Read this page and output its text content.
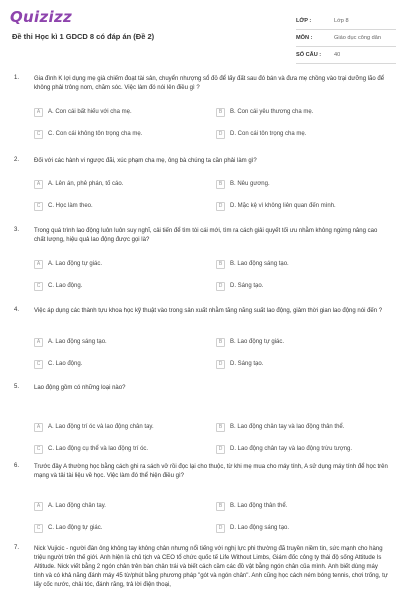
Quizizz
Đề thi Học kì 1 GDCD 8 có đáp án (Đề 2)
LỚP :	Lớp 8
MÔN :	Giáo dục công dân
SỐ CÂU :	40
1. Gia đình K lợi dụng mẹ già chiếm đoạt tài sản, chuyển nhượng sổ đỏ để lấy đất sau đó bán và đưa mẹ chồng vào trại dưỡng lão để không phải trông nom, chăm sóc. Việc làm đó nói lên điều gì ?
A	A. Con cái bất hiếu với cha mẹ.	B	B. Con cái yêu thương cha mẹ.
C	C. Con cái không tôn trọng cha mẹ.	D	D. Con cái tôn trọng cha mẹ.
2. Đối với các hành vi ngược đãi, xúc phạm cha mẹ, ông bà chúng ta cần phải làm gì?
A	A. Lên án, phê phán, tố cáo.	B	B. Nêu gương.
C	C. Học làm theo.	D	D. Mặc kệ vì không liên quan đến mình.
3. Trong quá trình lao động luôn luôn suy nghĩ, cải tiến để tìm tòi cái mới, tìm ra cách giải quyết tối ưu nhằm không ngừng nâng cao chất lượng, hiệu quả lao động được gọi là?
A	A. Lao động tự giác.	B	B. Lao động sáng tạo.
C	C. Lao động.	D	D. Sáng tạo.
4. Việc áp dụng các thành tựu khoa học kỹ thuật vào trong sản xuất nhằm tăng năng suất lao động, giảm thời gian lao động nói đến ?
A	A. Lao động sáng tạo.	B	B. Lao động tự giác.
C	C. Lao động.	D	D. Sáng tạo.
5. Lao động gồm có những loại nào?
A	A. Lao động trí óc và lao động chân tay.	B	B. Lao động chân tay và lao động thân thể.
C	C. Lao động cụ thể và lao động trí óc.	D	D. Lao động chân tay và lao động trừu tượng.
6. Trước đây A thường học bằng cách ghi ra sách vở rồi đọc lại cho thuộc, từ khi mẹ mua cho máy tính, A sử dụng máy tính để học trên mạng và tải tài liệu về học. Việc làm đó thể hiện điều gì?
A	A. Lao động chân tay.	B	B. Lao động thân thể.
C	C. Lao động tự giác.	D	D. Lao động sáng tạo.
7. Nick Vujicic - người đàn ông không tay không chân nhưng nổi tiếng với nghị lực phi thường đã truyền niềm tin, sức mạnh cho hàng triệu người trên thế giới. Anh hiện là chủ tịch và CEO tổ chức quốc tế Life Without Limbs, Giám đốc công ty thái độ sống Attitude Is Altitude. Nick viết bằng 2 ngón chân trên bàn chân trái và biết cách cầm các đồ vật bằng ngón chân của mình. Anh biết dùng máy tính và có khả năng đánh máy 45 từ/phút bằng phương pháp "gót và ngón chân". Anh cũng học cách ném bóng tennis, chơi trống, tự lấy cốc nước, chải tóc, đánh răng, trả lời điện thoại,
